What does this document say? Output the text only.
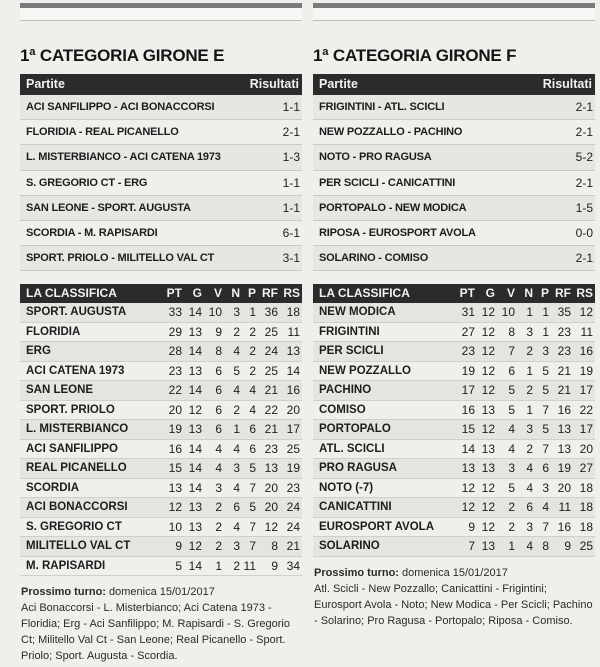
1ª CATEGORIA GIRONE E
Partite	Risultati
ACI SANFILIPPO - ACI BONACCORSI	1-1
FLORIDIA - REAL PICANELLO	2-1
L. MISTERBIANCO - ACI CATENA 1973	1-3
S. GREGORIO CT - ERG	1-1
SAN LEONE - SPORT. AUGUSTA	1-1
SCORDIA - M. RAPISARDI	6-1
SPORT. PRIOLO - MILITELLO VAL CT	3-1
LA CLASSIFICA	PT G V N P RF RS
SPORT. AUGUSTA	33 14 10 3 1 36 18
FLORIDIA	29 13	9 2 2 25 11
ERG	28 14	8 4 2 24 13
ACI CATENA 1973	23 13	6 5 2 25 14
SAN LEONE	22 14	6 4 4 21 16
SPORT. PRIOLO	20 12	6 2 4 22 20
L. MISTERBIANCO	19 13	6 1 6 21 17
ACI SANFILIPPO	16 14	4 4 6 23 25
REAL PICANELLO	15 14	4 3 5 13 19
SCORDIA	13 14	3 4 7 20 23
ACI BONACCORSI	12 13	2 6 5 20 24
S. GREGORIO CT	10 13	2 4 7 12 24
MILITELLO VAL CT	9 12	2 3 7	8 21
M. RAPISARDI	5 14	1 2 11	9 34
Prossimo turno: domenica 15/01/2017
Aci Bonaccorsi - L. Misterbianco; Aci Catena 1973 - Floridia; Erg - Aci Sanfilippo; M. Rapisardi - S. Gregorio Ct; Militello Val Ct - San Leone; Real Picanello - Sport. Priolo; Sport. Augusta - Scordia.
1ª CATEGORIA GIRONE F
Partite	Risultati
FRIGINTINI - ATL. SCICLI	2-1
NEW POZZALLO - PACHINO	2-1
NOTO - PRO RAGUSA	5-2
PER SCICLI - CANICATTINI	2-1
PORTOPALO - NEW MODICA	1-5
RIPOSA - EUROSPORT AVOLA	0-0
SOLARINO - COMISO	2-1
LA CLASSIFICA	PT G V N P RF RS
NEW MODICA	31 12 10 1 1 35 12
FRIGINTINI	27 12	8 3 1 23 11
PER SCICLI	23 12	7 2 3 23 16
NEW POZZALLO	19 12	6 1 5 21 19
PACHINO	17 12	5 2 5 21 17
COMISO	16 13	5 1 7 16 22
PORTOPALO	15 12	4 3 5 13 17
ATL. SCICLI	14 13	4 2 7 13 20
PRO RAGUSA	13 13	3 4 6 19 27
NOTO (-7)	12 12	5 4 3 20 18
CANICATTINI	12 12	2 6 4 11 18
EUROSPORT AVOLA	9 12	2 3 7 16 18
SOLARINO	7 13	1 4 8	9 25
Prossimo turno: domenica 15/01/2017
Atl. Scicli - New Pozzallo; Canicattini - Frigintini; Eurosport Avola - Noto; New Modica - Per Scicli; Pachino - Solarino; Pro Ragusa - Portopalo; Riposa - Comiso.
